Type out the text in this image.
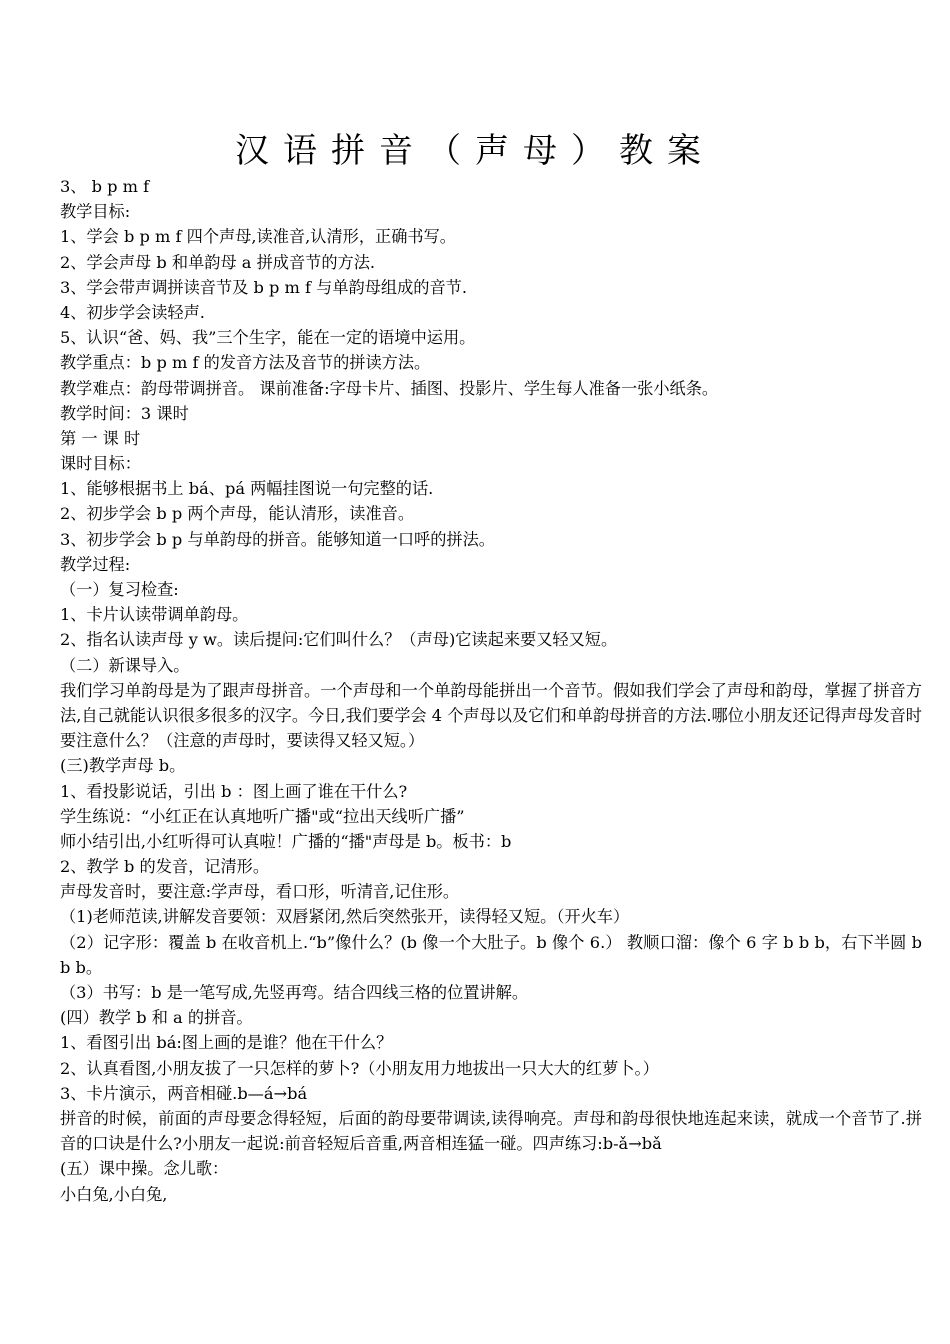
汉语拼音（声母）教案
3、 b p m f
教学目标:
1、学会 b p m f 四个声母,读准音,认清形，正确书写。
2、学会声母 b 和单韵母 a 拼成音节的方法.
3、学会带声调拼读音节及 b p m f 与单韵母组成的音节.
4、初步学会读轻声.
5、认识“爸、妈、我”三个生字，能在一定的语境中运用。
教学重点：b p m f 的发音方法及音节的拼读方法。
教学难点：韵母带调拼音。 课前准备:字母卡片、插图、投影片、学生每人准备一张小纸条。
教学时间：3 课时
第 一 课 时
课时目标：
1、能够根据书上 bá、pá 两幅挂图说一句完整的话.
2、初步学会 b p 两个声母，能认清形，读准音。
3、初步学会 b p 与单韵母的拼音。能够知道一口呼的拼法。
教学过程:
（一）复习检查:
1、卡片认读带调单韵母。
2、指名认读声母 y w。读后提问:它们叫什么？（声母)它读起来要又轻又短。
（二）新课导入。
我们学习单韵母是为了跟声母拼音。一个声母和一个单韵母能拼出一个音节。假如我们学会了声母和韵母，掌握了拼音方法,自己就能认识很多很多的汉字。今日,我们要学会 4 个声母以及它们和单韵母拼音的方法.哪位小朋友还记得声母发音时要注意什么？（注意的声母时，要读得又轻又短。）
(三)教学声母 b。
1、看投影说话，引出 b ：图上画了谁在干什么?
学生练说：“小红正在认真地听广播"或“拉出天线听广播”
师小结引出,小红听得可认真啦！广播的“播"声母是 b。板书：b
2、教学 b 的发音，记清形。
声母发音时，要注意:学声母，看口形，听清音,记住形。
（1)老师范读,讲解发音要领：双唇紧闭,然后突然张开，读得轻又短。（开火车）
（2）记字形：覆盖 b 在收音机上.“b”像什么？(b 像一个大肚子。b 像个 6.） 教顺口溜：像个 6 字 b b b，右下半圆 b b b。
（3）书写：b 是一笔写成,先竖再弯。结合四线三格的位置讲解。
(四）教学 b 和 a 的拼音。
1、看图引出 bá:图上画的是谁？他在干什么？
2、认真看图,小朋友拔了一只怎样的萝卜?（小朋友用力地拔出一只大大的红萝卜。）
3、卡片演示，两音相碰.b—á→bá
拼音的时候，前面的声母要念得轻短，后面的韵母要带调读,读得响亮。声母和韵母很快地连起来读，就成一个音节了.拼音的口诀是什么?小朋友一起说:前音轻短后音重,两音相连猛一碰。四声练习:b-ǎ→bǎ
(五）课中操。念儿歌：
小白兔,小白兔,
